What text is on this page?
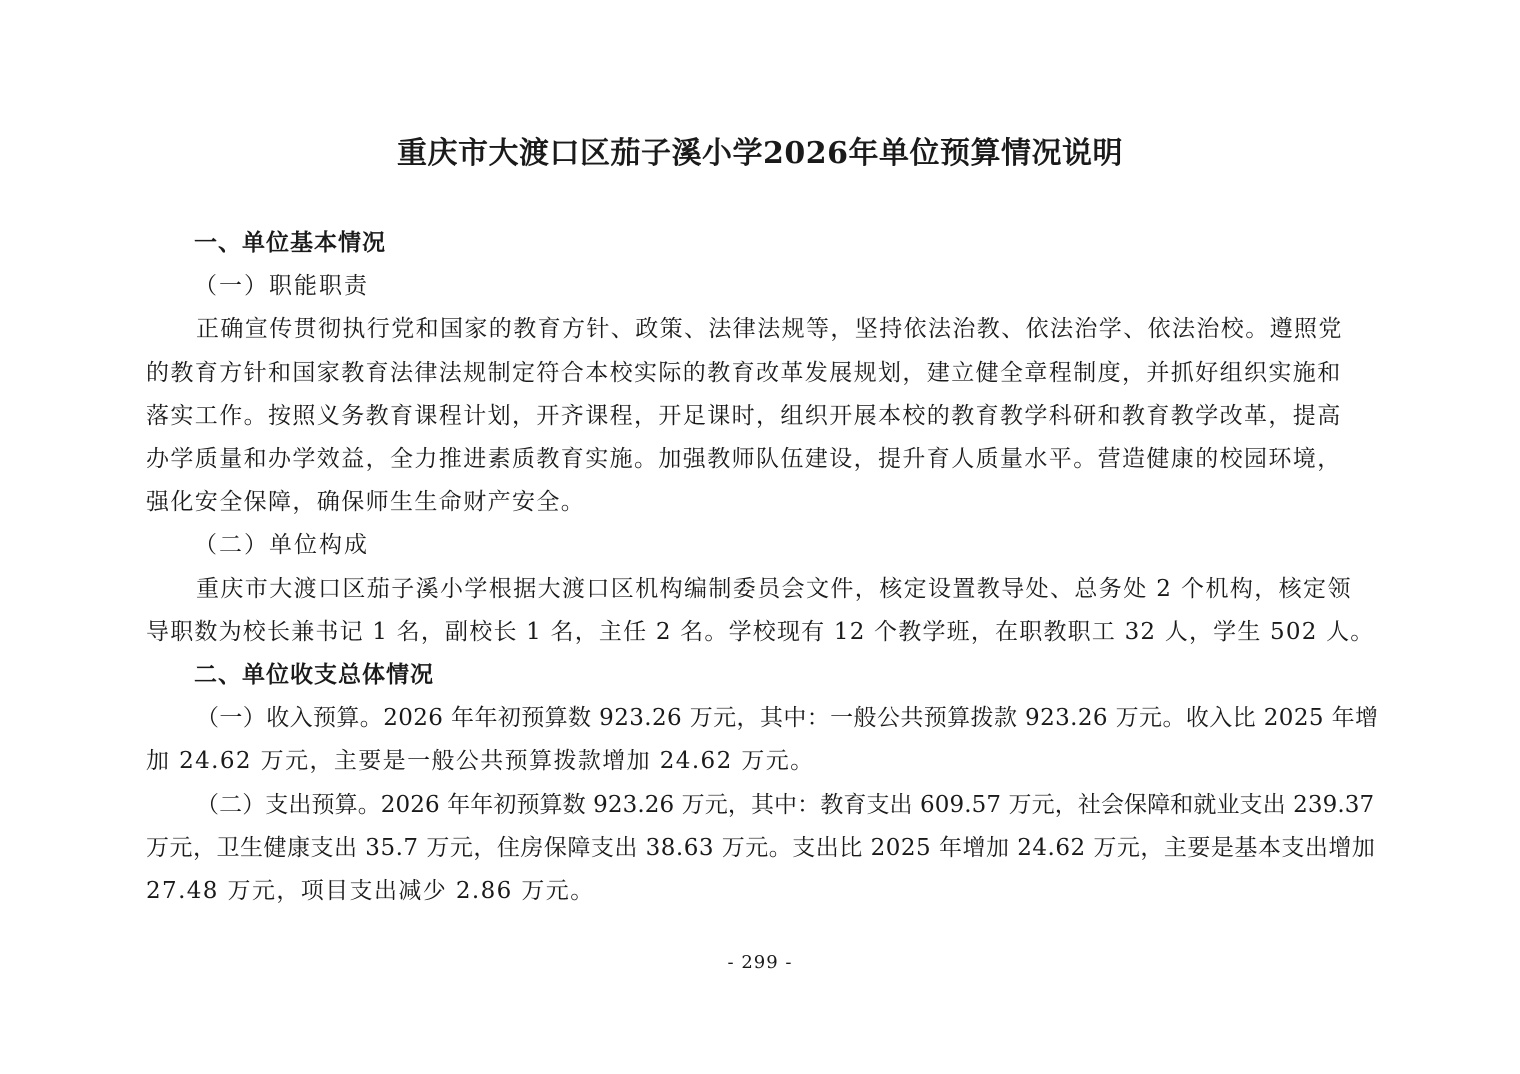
重庆市大渡口区茄子溪小学2026年单位预算情况说明

一、单位基本情况

（一）职能职责

正确宣传贯彻执行党和国家的教育方针、政策、法律法规等，坚持依法治教、依法治学、依法治校。遵照党

的教育方针和国家教育法律法规制定符合本校实际的教育改革发展规划，建立健全章程制度，并抓好组织实施和

落实工作。按照义务教育课程计划，开齐课程，开足课时，组织开展本校的教育教学科研和教育教学改革，提高

办学质量和办学效益，全力推进素质教育实施。加强教师队伍建设，提升育人质量水平。营造健康的校园环境，

强化安全保障，确保师生生命财产安全。

（二）单位构成

重庆市大渡口区茄子溪小学根据大渡口区机构编制委员会文件，核定设置教导处、总务处 2 个机构，核定领

导职数为校长兼书记 1 名，副校长 1 名，主任 2 名。学校现有 12 个教学班，在职教职工 32 人，学生 502 人。

二、单位收支总体情况

（一）收入预算。2026 年年初预算数 923.26 万元，其中：一般公共预算拨款 923.26 万元。收入比 2025 年增

加 24.62 万元，主要是一般公共预算拨款增加 24.62 万元。

（二）支出预算。2026 年年初预算数 923.26 万元，其中：教育支出 609.57 万元，社会保障和就业支出 239.37

万元，卫生健康支出 35.7 万元，住房保障支出 38.63 万元。支出比 2025 年增加 24.62 万元，主要是基本支出增加

27.48 万元，项目支出减少 2.86 万元。

- 299 -
